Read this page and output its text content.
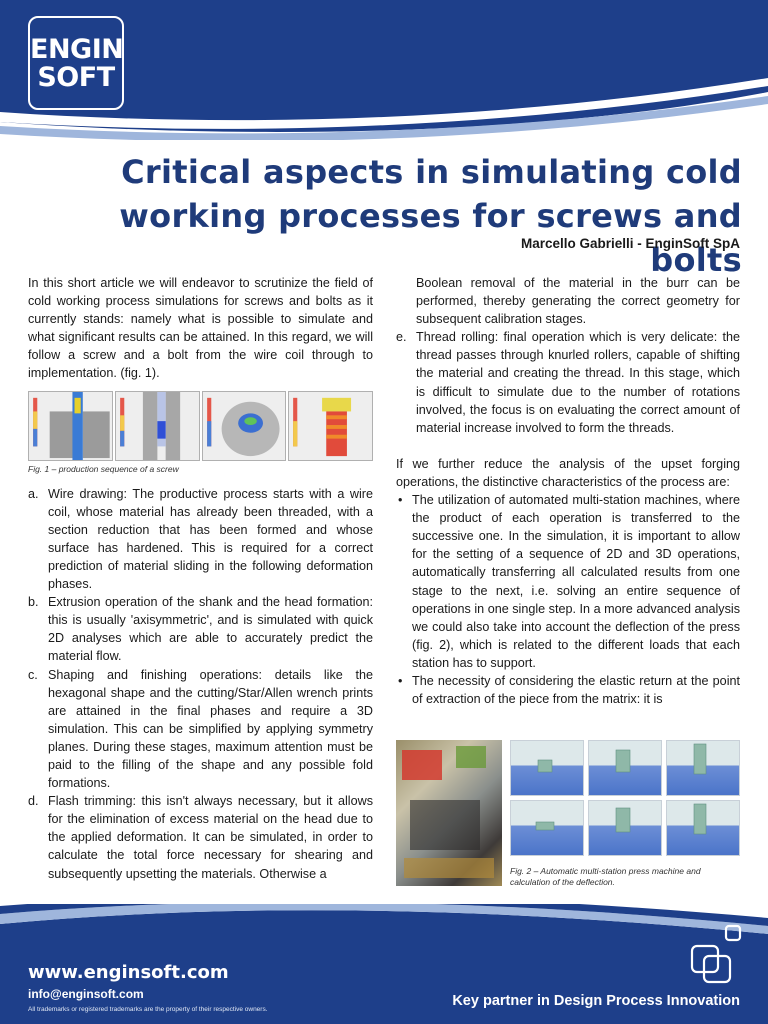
ENGIN
SOFT
Critical aspects in simulating cold working processes for screws and bolts
Marcello Gabrielli - EnginSoft SpA

In this short article we will endeavor to scrutinize the field of cold working process simulations for screws and bolts as it currently stands: namely what is possible to simulate and what significant results can be attained. In this regard, we will follow a screw and a bolt from the wire coil through to implementation. (fig. 1).

Fig. 1 – production sequence of a screw
a. Wire drawing: The productive process starts with a wire coil, whose material has already been threaded, with a section reduction that has been formed and whose surface has hardened. This is required for a correct prediction of material sliding in the following deformation phases.
b. Extrusion operation of the shank and the head formation: this is usually 'axisymmetric', and is simulated with quick 2D analyses which are able to accurately predict the material flow.
c. Shaping and finishing operations: details like the hexagonal shape and the cutting/Star/Allen wrench prints are attained in the final phases and require a 3D simulation. This can be simplified by applying symmetry planes. During these stages, maximum attention must be paid to the filling of the shape and any possible fold formations.
d. Flash trimming: this isn't always necessary, but it allows for the elimination of excess material on the head due to the applied deformation. It can be simulated, in order to calculate the total force necessary for shearing and subsequently upsetting the materials. Otherwise a
Boolean removal of the material in the burr can be performed, thereby generating the correct geometry for subsequent calibration stages.
e. Thread rolling: final operation which is very delicate: the thread passes through knurled rollers, capable of shifting the material and creating the thread. In this stage, which is difficult to simulate due to the number of rotations involved, the focus is on evaluating the correct amount of material increase involved to form the threads.

If we further reduce the analysis of the upset forging operations, the distinctive characteristics of the process are:

• The utilization of automated multi-station machines, where the product of each operation is transferred to the successive one. In the simulation, it is important to allow for the setting of a sequence of 2D and 3D operations, automatically transferring all calculated results from one stage to the next, i.e. solving an entire sequence of operations in one single step. In a more advanced analysis we could also take into account the deflection of the press (fig. 2), which is related to the different loads that each station has to support.
• The necessity of considering the elastic return at the point of extraction of the piece from the matrix: it is
Fig. 2 – Automatic multi-station press machine and calculation of the deflection.
www.enginsoft.com
info@enginsoft.com
All trademarks or registered trademarks are the property of their respective owners.
Key partner in Design Process Innovation
